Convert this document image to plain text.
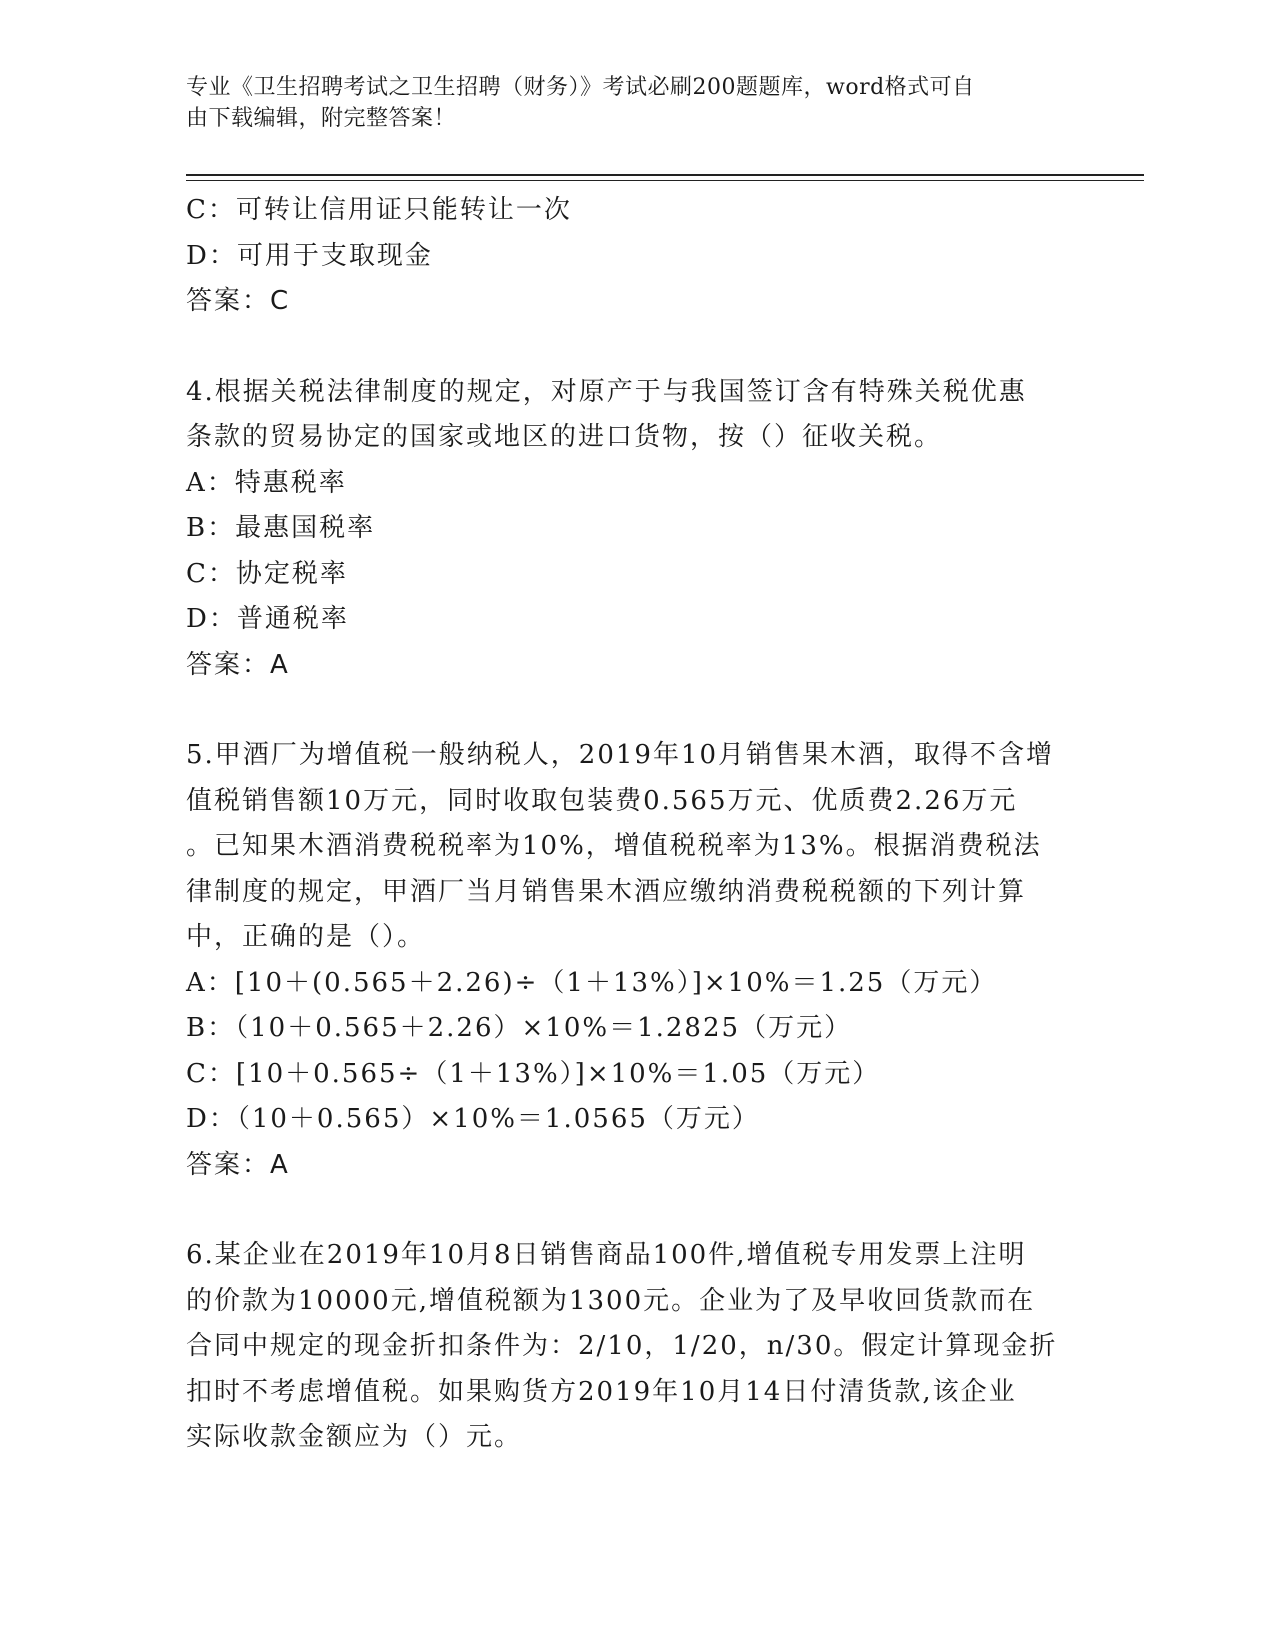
专业《卫生招聘考试之卫生招聘（财务）》考试必刷200题题库，word格式可自
由下载编辑，附完整答案！
C：可转让信用证只能转让一次
D：可用于支取现金
答案：C
4.根据关税法律制度的规定，对原产于与我国签订含有特殊关税优惠
条款的贸易协定的国家或地区的进口货物，按（）征收关税。
A：特惠税率
B：最惠国税率
C：协定税率
D：普通税率
答案：A
5.甲酒厂为增值税一般纳税人，2019年10月销售果木酒，取得不含增
值税销售额10万元，同时收取包装费0.565万元、优质费2.26万元
。已知果木酒消费税税率为10%，增值税税率为13%。根据消费税法
律制度的规定，甲酒厂当月销售果木酒应缴纳消费税税额的下列计算
中，正确的是（）。
A：[10＋(0.565＋2.26)÷（1＋13%）]×10%＝1.25（万元）
B：（10＋0.565＋2.26）×10%＝1.2825（万元）
C：[10＋0.565÷（1＋13%）]×10%＝1.05（万元）
D：（10＋0.565）×10%＝1.0565（万元）
答案：A
6.某企业在2019年10月8日销售商品100件,增值税专用发票上注明
的价款为10000元,增值税额为1300元。企业为了及早收回货款而在
合同中规定的现金折扣条件为：2/10，1/20，n/30。假定计算现金折
扣时不考虑增值税。如果购货方2019年10月14日付清货款,该企业
实际收款金额应为（）元。
